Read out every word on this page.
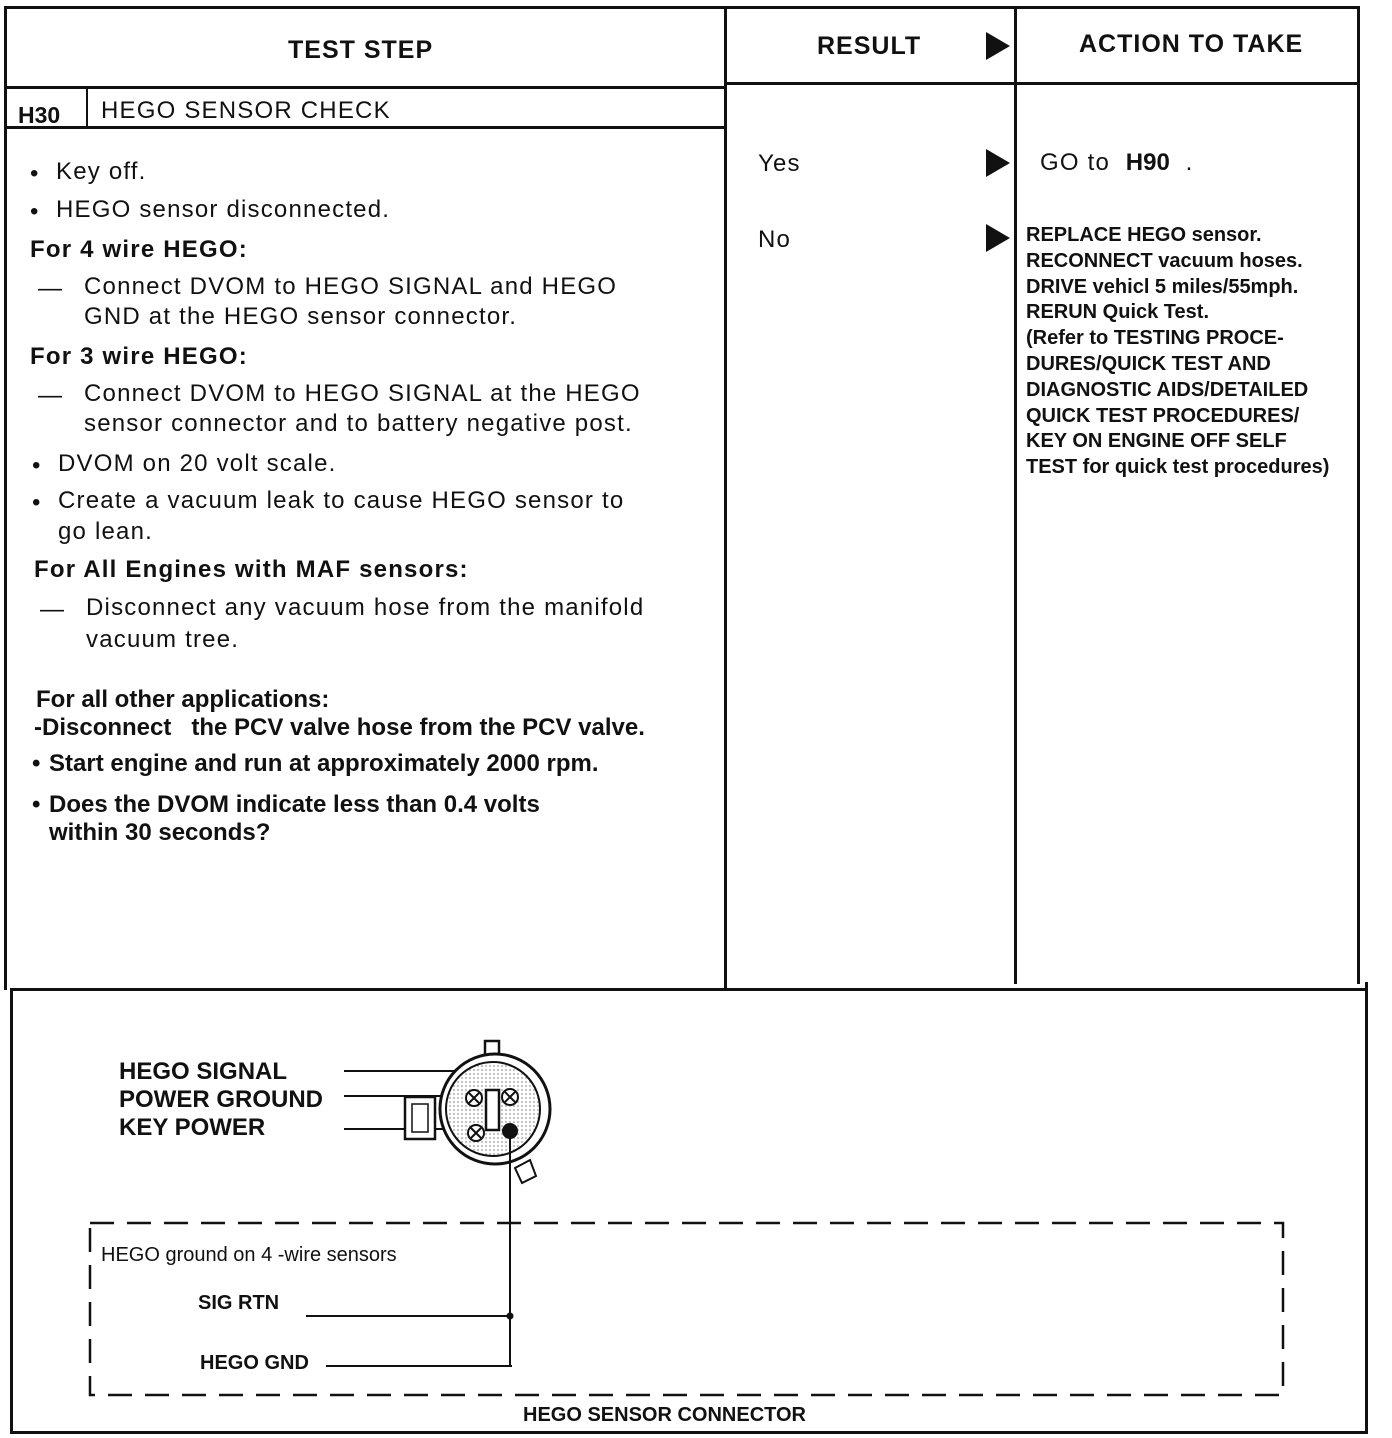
TEST STEP	RESULT	ACTION TO TAKE
H30 HEGO SENSOR CHECK
• Key off.
• HEGO sensor disconnected.
For 4 wire HEGO:
— Connect DVOM to HEGO SIGNAL and HEGO
GND at the HEGO sensor connector.
For 3 wire HEGO:
— Connect DVOM to HEGO SIGNAL at the HEGO
sensor connector and to battery negative post.
• DVOM on 20 volt scale.
• Create a vacuum leak to cause HEGO sensor to
go lean.
For All Engines with MAF sensors:
— Disconnect any vacuum hose from the manifold
vacuum tree.
For all other applications:
-Disconnect   the PCV valve hose from the PCV valve.
• Start engine and run at approximately 2000 rpm.
• Does the DVOM indicate less than 0.4 volts
within 30 seconds?
Yes
No
GO to H90 .
REPLACE HEGO sensor.
RECONNECT vacuum hoses.
DRIVE vehicl 5 miles/55mph.
RERUN Quick Test.
(Refer to TESTING PROCE-
DURES/QUICK TEST AND
DIAGNOSTIC AIDS/DETAILED
QUICK TEST PROCEDURES/
KEY ON ENGINE OFF SELF
TEST for quick test procedures)
HEGO SIGNAL
POWER GROUND
KEY POWER
HEGO ground on 4 -wire sensors
SIG RTN
HEGO GND
HEGO SENSOR CONNECTOR
